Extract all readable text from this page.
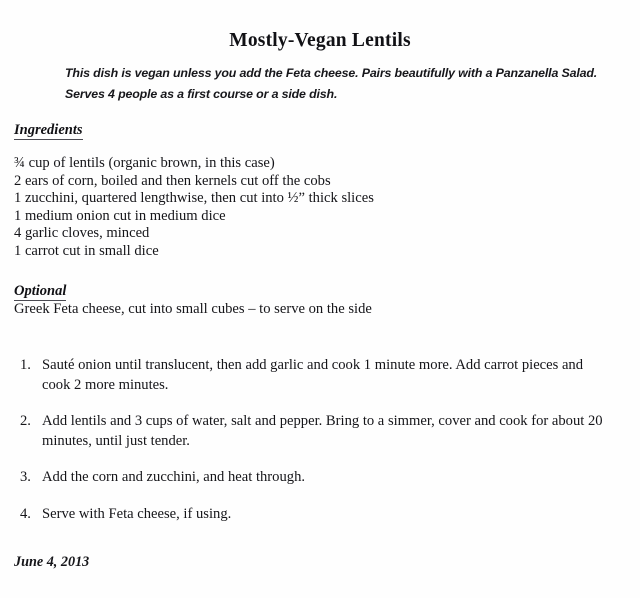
Mostly-Vegan Lentils
This dish is vegan unless you add the Feta cheese. Pairs beautifully with a Panzanella Salad.
Serves 4 people as a first course or a side dish.
Ingredients
¾ cup of lentils (organic brown, in this case)
2 ears of corn, boiled and then kernels cut off the cobs
1 zucchini, quartered lengthwise, then cut into ½” thick slices
1 medium onion cut in medium dice
4 garlic cloves, minced
1 carrot cut in small dice
Optional
Greek Feta cheese, cut into small cubes – to serve on the side
1. Sauté onion until translucent, then add garlic and cook 1 minute more. Add carrot pieces and cook 2 more minutes.
2. Add lentils and 3 cups of water, salt and pepper. Bring to a simmer, cover and cook for about 20 minutes, until just tender.
3. Add the corn and zucchini, and heat through.
4. Serve with Feta cheese, if using.
June 4, 2013
